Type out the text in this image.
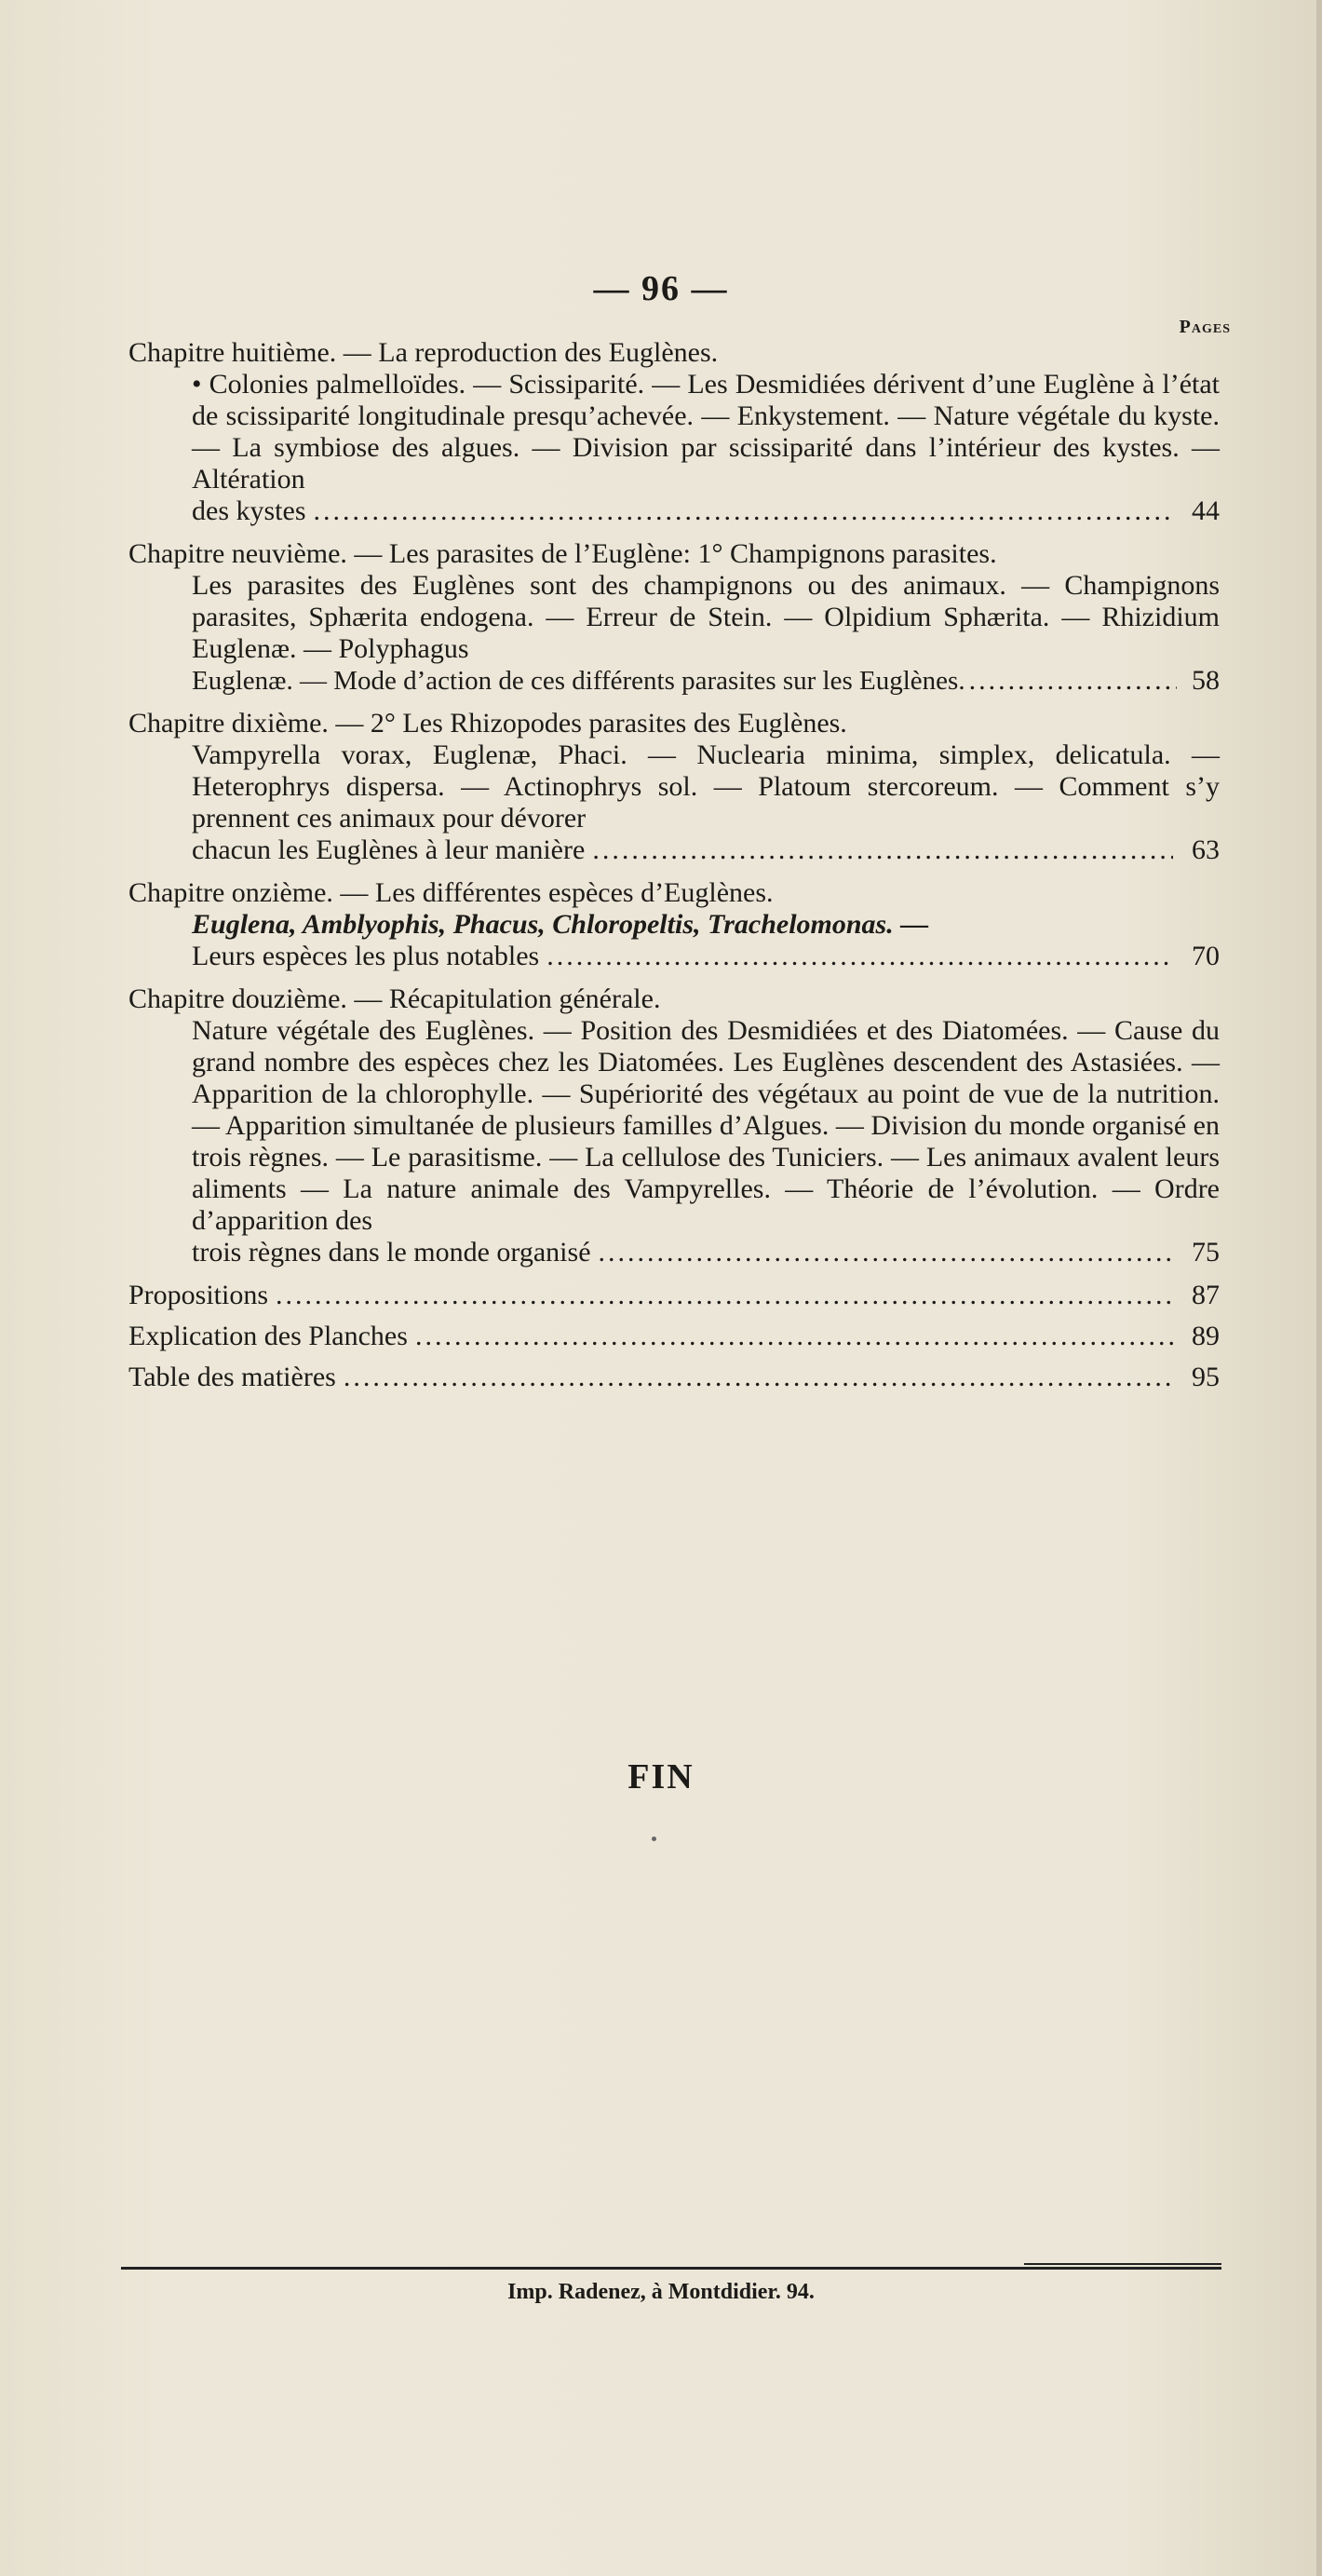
— 96 —
Pages
Chapitre huitième. — La reproduction des Euglènes.

• Colonies palmelloïdes. — Scissiparité. — Les Desmidiées dérivent d’une Euglène à l’état de scissiparité longitudinale presqu’achevée. — Enkystement. — Nature végétale du kyste. — La symbiose des algues. — Division par scissiparité dans l’intérieur des kystes. — Altération

des kystes .....	44
Chapitre neuvième. — Les parasites de l’Euglène: 1° Champignons parasites.

Les parasites des Euglènes sont des champignons ou des animaux. — Champignons parasites, Sphærita endogena. — Erreur de Stein. — Olpidium Sphærita. — Rhizidium Euglenæ. — Polyphagus

Euglenæ. — Mode d’action de ces différents parasites sur les Euglènes. .....	58
Chapitre dixième. — 2° Les Rhizopodes parasites des Euglènes.

Vampyrella vorax, Euglenæ, Phaci. — Nuclearia minima, simplex, delicatula. — Heterophrys dispersa. — Actinophrys sol. — Platoum stercoreum. — Comment s’y prennent ces animaux pour dévorer

chacun les Euglènes à leur manière .....	63
Chapitre onzième. — Les différentes espèces d’Euglènes.

Euglena, Amblyophis, Phacus, Chloropeltis, Trachelomonas. —

Leurs espèces les plus notables .....	70
Chapitre douzième. — Récapitulation générale.

Nature végétale des Euglènes. — Position des Desmidiées et des Diatomées. — Cause du grand nombre des espèces chez les Diatomées. Les Euglènes descendent des Astasiées. — Apparition de la chlorophylle. — Supériorité des végétaux au point de vue de la nutrition. — Apparition simultanée de plusieurs familles d’Algues. — Division du monde organisé en trois règnes. — Le parasitisme. — La cellulose des Tuniciers. — Les animaux avalent leurs aliments — La nature animale des Vampyrelles. — Théorie de l’évolution. — Ordre d’apparition des

trois règnes dans le monde organisé .....	75
Propositions .....	87
Explication des Planches .....	89
Table des matières .....	95
FIN
Imp. Radenez, à Montdidier. 94.
